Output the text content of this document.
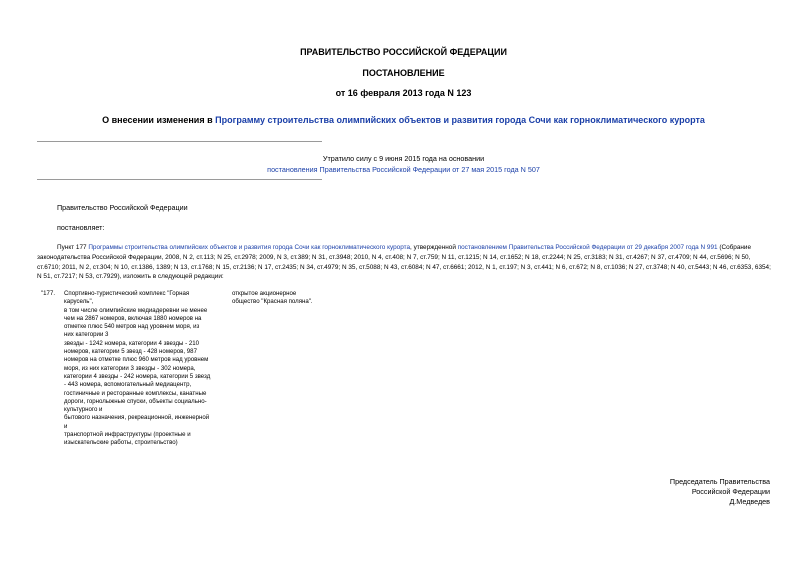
ПРАВИТЕЛЬСТВО РОССИЙСКОЙ ФЕДЕРАЦИИ
ПОСТАНОВЛЕНИЕ
от 16 февраля 2013 года N 123
О внесении изменения в Программу строительства олимпийских объектов и развития города Сочи как горноклиматического курорта
Утратило силу с 9 июня 2015 года на основании
постановления Правительства Российской Федерации от 27 мая 2015 года N 507
Правительство Российской Федерации
постановляет:
Пункт 177 Программы строительства олимпийских объектов и развития города Сочи как горноклиматического курорта, утвержденной постановлением Правительства Российской Федерации от 29 декабря 2007 года N 991 (Собрание законодательства Российской Федерации, 2008, N 2, ст.113; N 25, ст.2978; 2009, N 3, ст.389; N 31, ст.3948; 2010, N 4, ст.408; N 7, ст.759; N 11, ст.1215; N 14, ст.1652; N 18, ст.2244; N 25, ст.3183; N 31, ст.4267; N 37, ст.4709; N 44, ст.5696; N 50, ст.6710; 2011, N 2, ст.304; N 10, ст.1386, 1389; N 13, ст.1768; N 15, ст.2136; N 17, ст.2435; N 34, ст.4979; N 35, ст.5088; N 43, ст.6084; N 47, ст.6661; 2012, N 1, ст.197; N 3, ст.441; N 6, ст.672; N 8, ст.1036; N 27, ст.3748; N 40, ст.5443; N 46, ст.6353, 6354; N 51, ст.7217; N 53, ст.7929), изложить в следующей редакции:
"177. Спортивно-туристический комплекс "Горная
карусель",
в том числе олимпийские медиадеревни не менее
чем на 2867 номеров, включая 1880 номеров на
отметке плюс 540 метров над уровнем моря, из
них категории 3
звезды - 1242 номера, категории 4 звезды - 210
номеров, категории 5 звезд - 428 номеров, 987
номеров на отметке плюс 960 метров над уровнем
моря, из них категории 3 звезды - 302 номера,
категории 4 звезды - 242 номера, категории 5 звезд
- 443 номера, вспомогательный медиацентр,
гостиничные и ресторанные комплексы, канатные
дороги, горнолыжные спуски, объекты социально-
культурного и
бытового назначения, рекреационной, инженерной
и
транспортной инфраструктуры (проектные и
изыскательские работы, строительство)
открытое акционерное
общество "Красная поляна".
Председатель Правительства
Российской Федерации
Д.Медведев
